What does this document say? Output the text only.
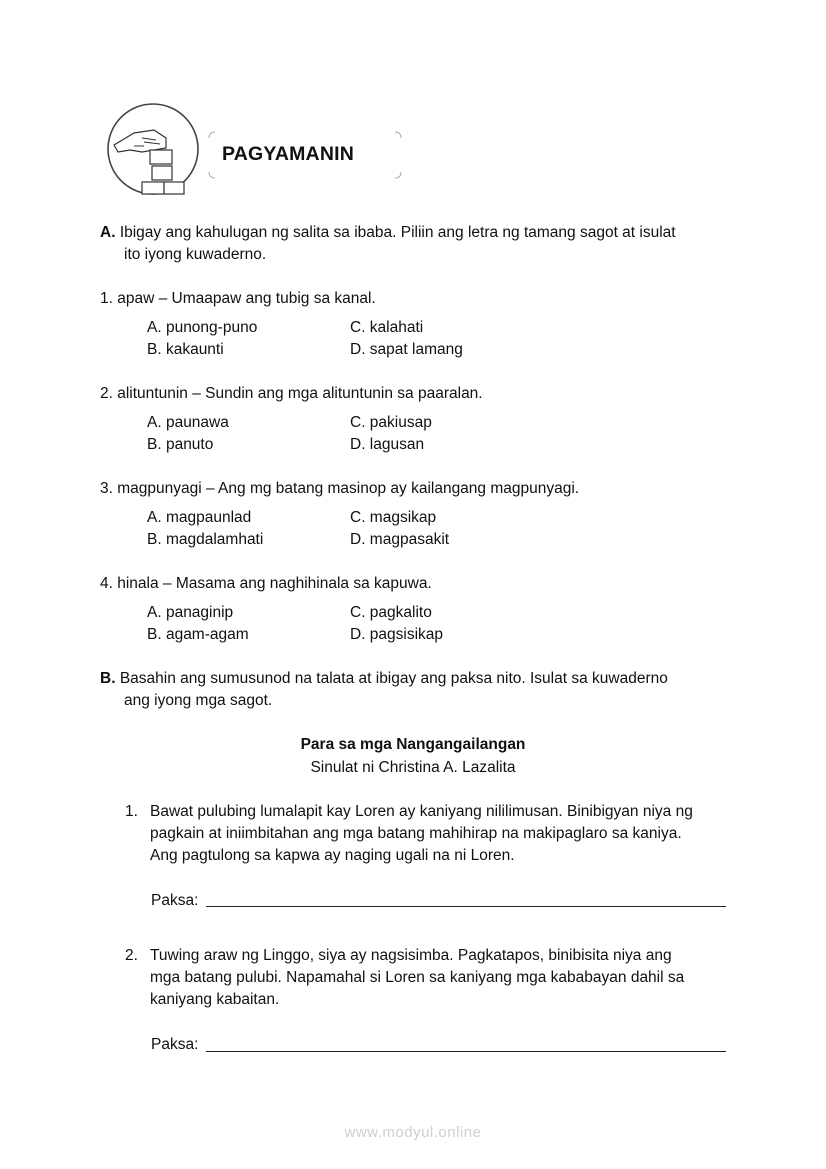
PAGYAMANIN
A. Ibigay ang kahulugan ng salita sa ibaba. Piliin ang letra ng tamang sagot at isulat
ito iyong kuwaderno.
1. apaw – Umaapaw ang tubig sa kanal.
A. punong-puno
B. kakaunti
C. kalahati
D. sapat lamang
2. alituntunin – Sundin ang mga alituntunin sa paaralan.
A. paunawa
B. panuto
C. pakiusap
D. lagusan
3. magpunyagi – Ang mg batang masinop ay kailangang magpunyagi.
A. magpaunlad
B. magdalamhati
C. magsikap
D. magpasakit
4. hinala – Masama ang naghihinala sa kapuwa.
A. panaginip
B. agam-agam
C. pagkalito
D. pagsisikap
B. Basahin ang sumusunod na talata at ibigay ang paksa nito. Isulat sa kuwaderno
ang iyong mga sagot.
Para sa mga Nangangailangan
Sinulat ni Christina A. Lazalita
1. Bawat pulubing lumalapit kay Loren ay kaniyang nililimusan. Binibigyan niya ng
pagkain at iniimbitahan ang mga batang mahihirap na makipaglaro sa kaniya.
Ang pagtulong sa kapwa ay naging ugali na ni Loren.
Paksa:
2. Tuwing araw ng Linggo, siya ay nagsisimba. Pagkatapos, binibisita niya ang
mga batang pulubi. Napamahal si Loren sa kaniyang mga kababayan dahil sa
kaniyang kabaitan.
Paksa:
www.modyul.online
